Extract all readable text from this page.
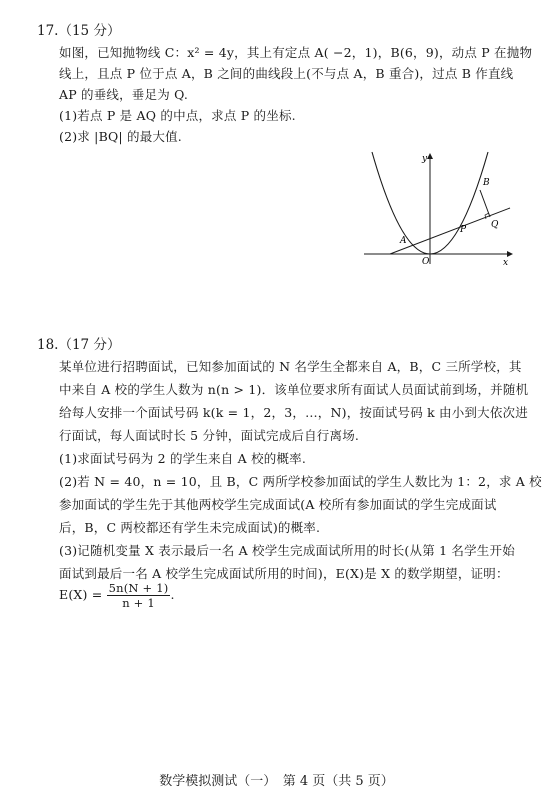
17.（15 分）
如图，已知抛物线 C：x² = 4y，其上有定点 A( −2，1)，B(6，9)，动点 P 在抛物
线上，且点 P 位于点 A，B 之间的曲线段上(不与点 A，B 重合)，过点 B 作直线
AP 的垂线，垂足为 Q.
(1)若点 P 是 AQ 的中点，求点 P 的坐标.
(2)求 |BQ| 的最大值.
y
x
O
A
B
P	Q
18.（17 分）
某单位进行招聘面试，已知参加面试的 N 名学生全都来自 A，B，C 三所学校，其
中来自 A 校的学生人数为 n(n > 1)．该单位要求所有面试人员面试前到场，并随机
给每人安排一个面试号码 k(k = 1，2，3，…，N)，按面试号码 k 由小到大依次进
行面试，每人面试时长 5 分钟，面试完成后自行离场.
(1)求面试号码为 2 的学生来自 A 校的概率.
(2)若 N = 40，n = 10，且 B，C 两所学校参加面试的学生人数比为 1：2，求 A 校
参加面试的学生先于其他两校学生完成面试(A 校所有参加面试的学生完成面试
后，B，C 两校都还有学生未完成面试)的概率.
(3)记随机变量 X 表示最后一名 A 校学生完成面试所用的时长(从第 1 名学生开始
面试到最后一名 A 校学生完成面试所用的时间)，E(X)是 X 的数学期望，证明：
$E(X) = \frac{5n(N + 1)}{n + 1}$ .
数学模拟测试（一）　第 4 页（共 5 页）
